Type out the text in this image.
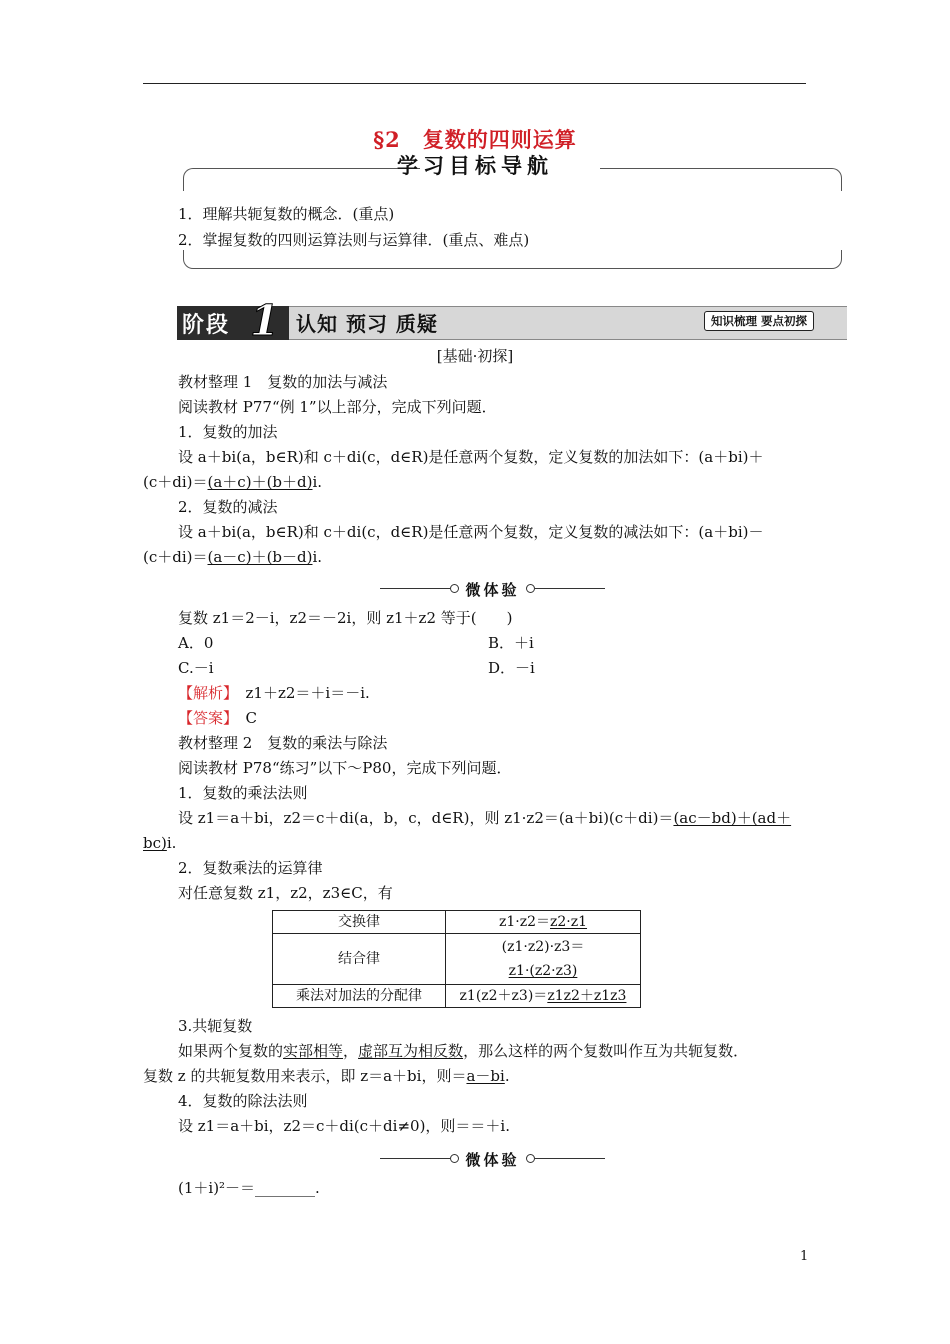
§2　复数的四则运算
学习目标导航
1．理解共轭复数的概念．(重点)
2．掌握复数的四则运算法则与运算律．(重点、难点)
阶段 1 认知 预习 质疑	知识梳理 要点初探
[基础·初探]
教材整理 1　复数的加法与减法
阅读教材 P77“例 1”以上部分，完成下列问题．
1．复数的加法
设 a＋bi(a，b∈R)和 c＋di(c，d∈R)是任意两个复数，定义复数的加法如下：(a＋bi)＋
(c＋di)＝(a＋c)＋(b＋d)i.
2．复数的减法
设 a＋bi(a，b∈R)和 c＋di(c，d∈R)是任意两个复数，定义复数的减法如下：(a＋bi)－
(c＋di)＝(a－c)＋(b－d)i.
微体验
复数 z1＝2－i，z2＝－2i，则 z1＋z2 等于(　　)
A．0	B．＋i
C.－i	D．－i
【解析】　 z1＋z2＝＋i＝－i.
【答案】　 C
教材整理 2　复数的乘法与除法
阅读教材 P78“练习”以下～P80，完成下列问题．
1．复数的乘法法则
设 z1＝a＋bi，z2＝c＋di(a，b，c，d∈R)，则 z1·z2＝(a＋bi)(c＋di)＝(ac－bd)＋(ad＋
bc)i.
2．复数乘法的运算律
对任意复数 z1，z2，z3∈C，有
交换律	z1·z2＝z2·z1
结合律	(z1·z2)·z3＝
z1·(z2·z3)

乘法对加法的分配律	z1(z2＋z3)＝z1z2＋z1z3
3.共轭复数
如果两个复数的实部相等，虚部互为相反数，那么这样的两个复数叫作互为共轭复数．
复数 z 的共轭复数用来表示，即 z＝a＋bi，则＝a－bi.
4．复数的除法法则
设 z1＝a＋bi，z2＝c＋di(c＋di≠0)，则＝＝＋i.
微体验
(1＋i)²－＝________.
1
